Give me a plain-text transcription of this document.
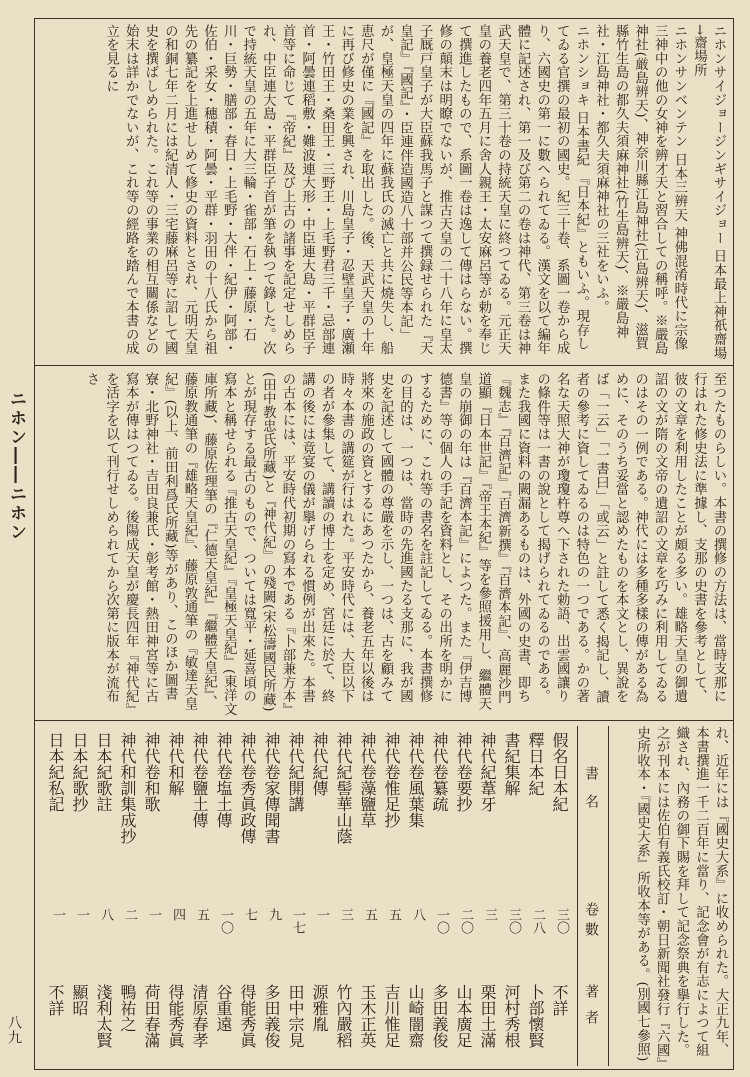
ニホン――ニホン
八九
ニホンサイジョージンギサイジョー 日本最上神祇齋場 →齋場所
ニホンサンベンテン 日本三辨天 神佛混淆時代に宗像三神中の他の女神を辨才天と習合しての稱呼。※嚴島神社(厳島辨天)、神奈川縣江島神社(江島辨天)、滋賀縣竹生島の都久夫須麻神社(竹生島辨天)、※嚴島神社・江島神社・都久夫須麻神社の三社をいふ。
ニホンショキ 日本書紀 『日本紀』ともいふ。現存してゐる官撰の最初の國史。紀三十卷、系圖一卷から成り、六國史の第一に數へられてゐる。漢文を以て編年體に記述され、第一及び第二の卷は神代、第三卷は神武天皇で、第三十卷の持統天皇に終つてゐる。元正天皇の養老四年五月に舍人親王・太安麻呂等が勅を奉じて撰進したもので、系圖一卷は逸して傳はらない。撰修の顛末は明瞭でないが、推古天皇の二十八年に皇太子厩戸皇子が大臣蘇我馬子と謀つて撰録せられた『天皇記』『國記』・臣連伴造國造八十部并公民等本記」が、皇極天皇の四年に蘇我氏の滅亡と共に燒失し、船恵尺が僅に『國記』を取出した。後、天武天皇の十年に再び修史の業を興され、川島皇子・忍壁皇子・廣瀬王・竹田王・桑田王・三野王・上毛野君三千・忌部連首・阿曇連稻敷・難波連大形・中臣連大島・平群臣子首等に命じて『帝紀』及び上古の諸事を記定せしめられ、中臣連大島・平群臣子首が筆を執つて錄した。次で持統天皇の五年に大三輪・雀部・石上・藤原・石川・巨勢・膳部・春日・上毛野・大伴・紀伊・阿部・佐伯・采女・穗積・阿曇・平群・羽田の十八氏から祖先の纂記を上進せしめて修史の資料とされ、元明天皇の和銅七年二月には紀清人・三宅藤麻呂等に詔して國史を撰ばしめられた。これ等の事業の相互關係などの始末は詳かでないが、これ等の經路を踏んで本書の成立を見るに
至つたものらしい。本書の撰修の方法は、當時支那に行はれた修史法に準據し、支那の史書を參考として、彼の文章を利用したことが頗る多い。雄略天皇の御遺詔の文が隋の文帝の遺詔の文章を巧みに利用してゐるのはその一例である。神代には多種多樣の傳がある為めに、そのうち妥當と認めたものを本文とし、異說をば「一云」「一書曰」「或云」と註して悉く揭記し、讀者の參考に資してゐるのは特色の一つである。かの著名な天照大神が瓊瓊杵尊へ下された勅語、出雲國讓りの條件等は一書の說として揭げられてゐるのである。また我國に資料の闕漏あるものは、外國の史書、即ち『魏志』『百濟記』『百濟新撰』『百濟本記』、高麗沙門道顯『日本世記』『帝王本紀』等を參照援用し、繼體天皇の崩御の年は『百濟本記』によつた。また『伊吉博德書』等の個人の手記を資料とし、その出所を明かにするために、これ等の書名を註記してゐる。本書撰修の目的は、一つは、當時の先進國たる支那に、我が國史を記述して國體の尊嚴を示し、一つは、古を顧みて將來の施政の資とするにあつたから、養老五年以後は時々本書の講筵が行はれた。平安時代には、大臣以下の者が參集して、講讀の博士を定め、宮廷に於て、終講の後には竟宴の儀が擧げられる慣例が出來た。本書の古本には、平安時代初期の寫本である『卜部兼方本』(田中教忠氏所藏)と『神代紀』の殘闕(宋松濤國民所藏)とが現存する最古のもので、ついては寬平・延喜頃の寫本と稱せられる『推古天皇紀』『皇極天皇紀』(東洋文庫所藏)、藤原佐理筆の『仁德天皇紀』『繼體天皇紀』、藤原教通筆の『雄略天皇紀』、藤原敦通筆の『敏達天皇紀』(以上、前田利爲氏所藏)等があり、このほか圖書寮・北野神社・吉田良兼氏・彰考館・熱田神宮等に古寫本が傳はつてゐる。後陽成天皇が慶長四年『神代紀』を活字を以て刊行せしめられてから次第に版本が流布さ
れ、近年には『國史大系』に收められた。大正九年、本書撰進一千二百年に當り、記念會が有志によつて組織され、內務の御下賜を拜して記念祭典を擧行した。之が刊本には佐伯有義氏校訂・朝日新聞社發行『六國』史所收本・『國史大系』所收本等がある。(別國七參照)
書名
卷數
著者
假名日本紀
三〇
不詳
釋日本紀
二八
卜部懷賢
書紀集解
三〇
河村秀根
神代紀葦牙
三
栗田土滿
神代卷要抄
二〇
山本廣足
神代卷纂疏
一〇
多田義俊
神代卷風葉集
八
山崎闇齋
神代卷惟足抄
五
吉川惟足
神代卷藻鹽草
五
玉木正英
神代紀髻華山蔭
三
竹內嚴稻
神代紀傳
一
源雅胤
神代紀開講
一七
田中宗見
神代卷家傳聞書
九
多田義俊
神代卷秀眞政傳
七
得能秀眞
神代卷塩土傳
一〇
谷重遠
神代卷鹽土傳
五
清原春孝
神代和解
四
得能秀眞
神代卷和歌
一
荷田春滿
神代和訓集成抄
二
鴨祐之
日本紀歌註
八
淺利太賢
日本紀歌抄
一
顯昭
日本紀私記
一
不詳
